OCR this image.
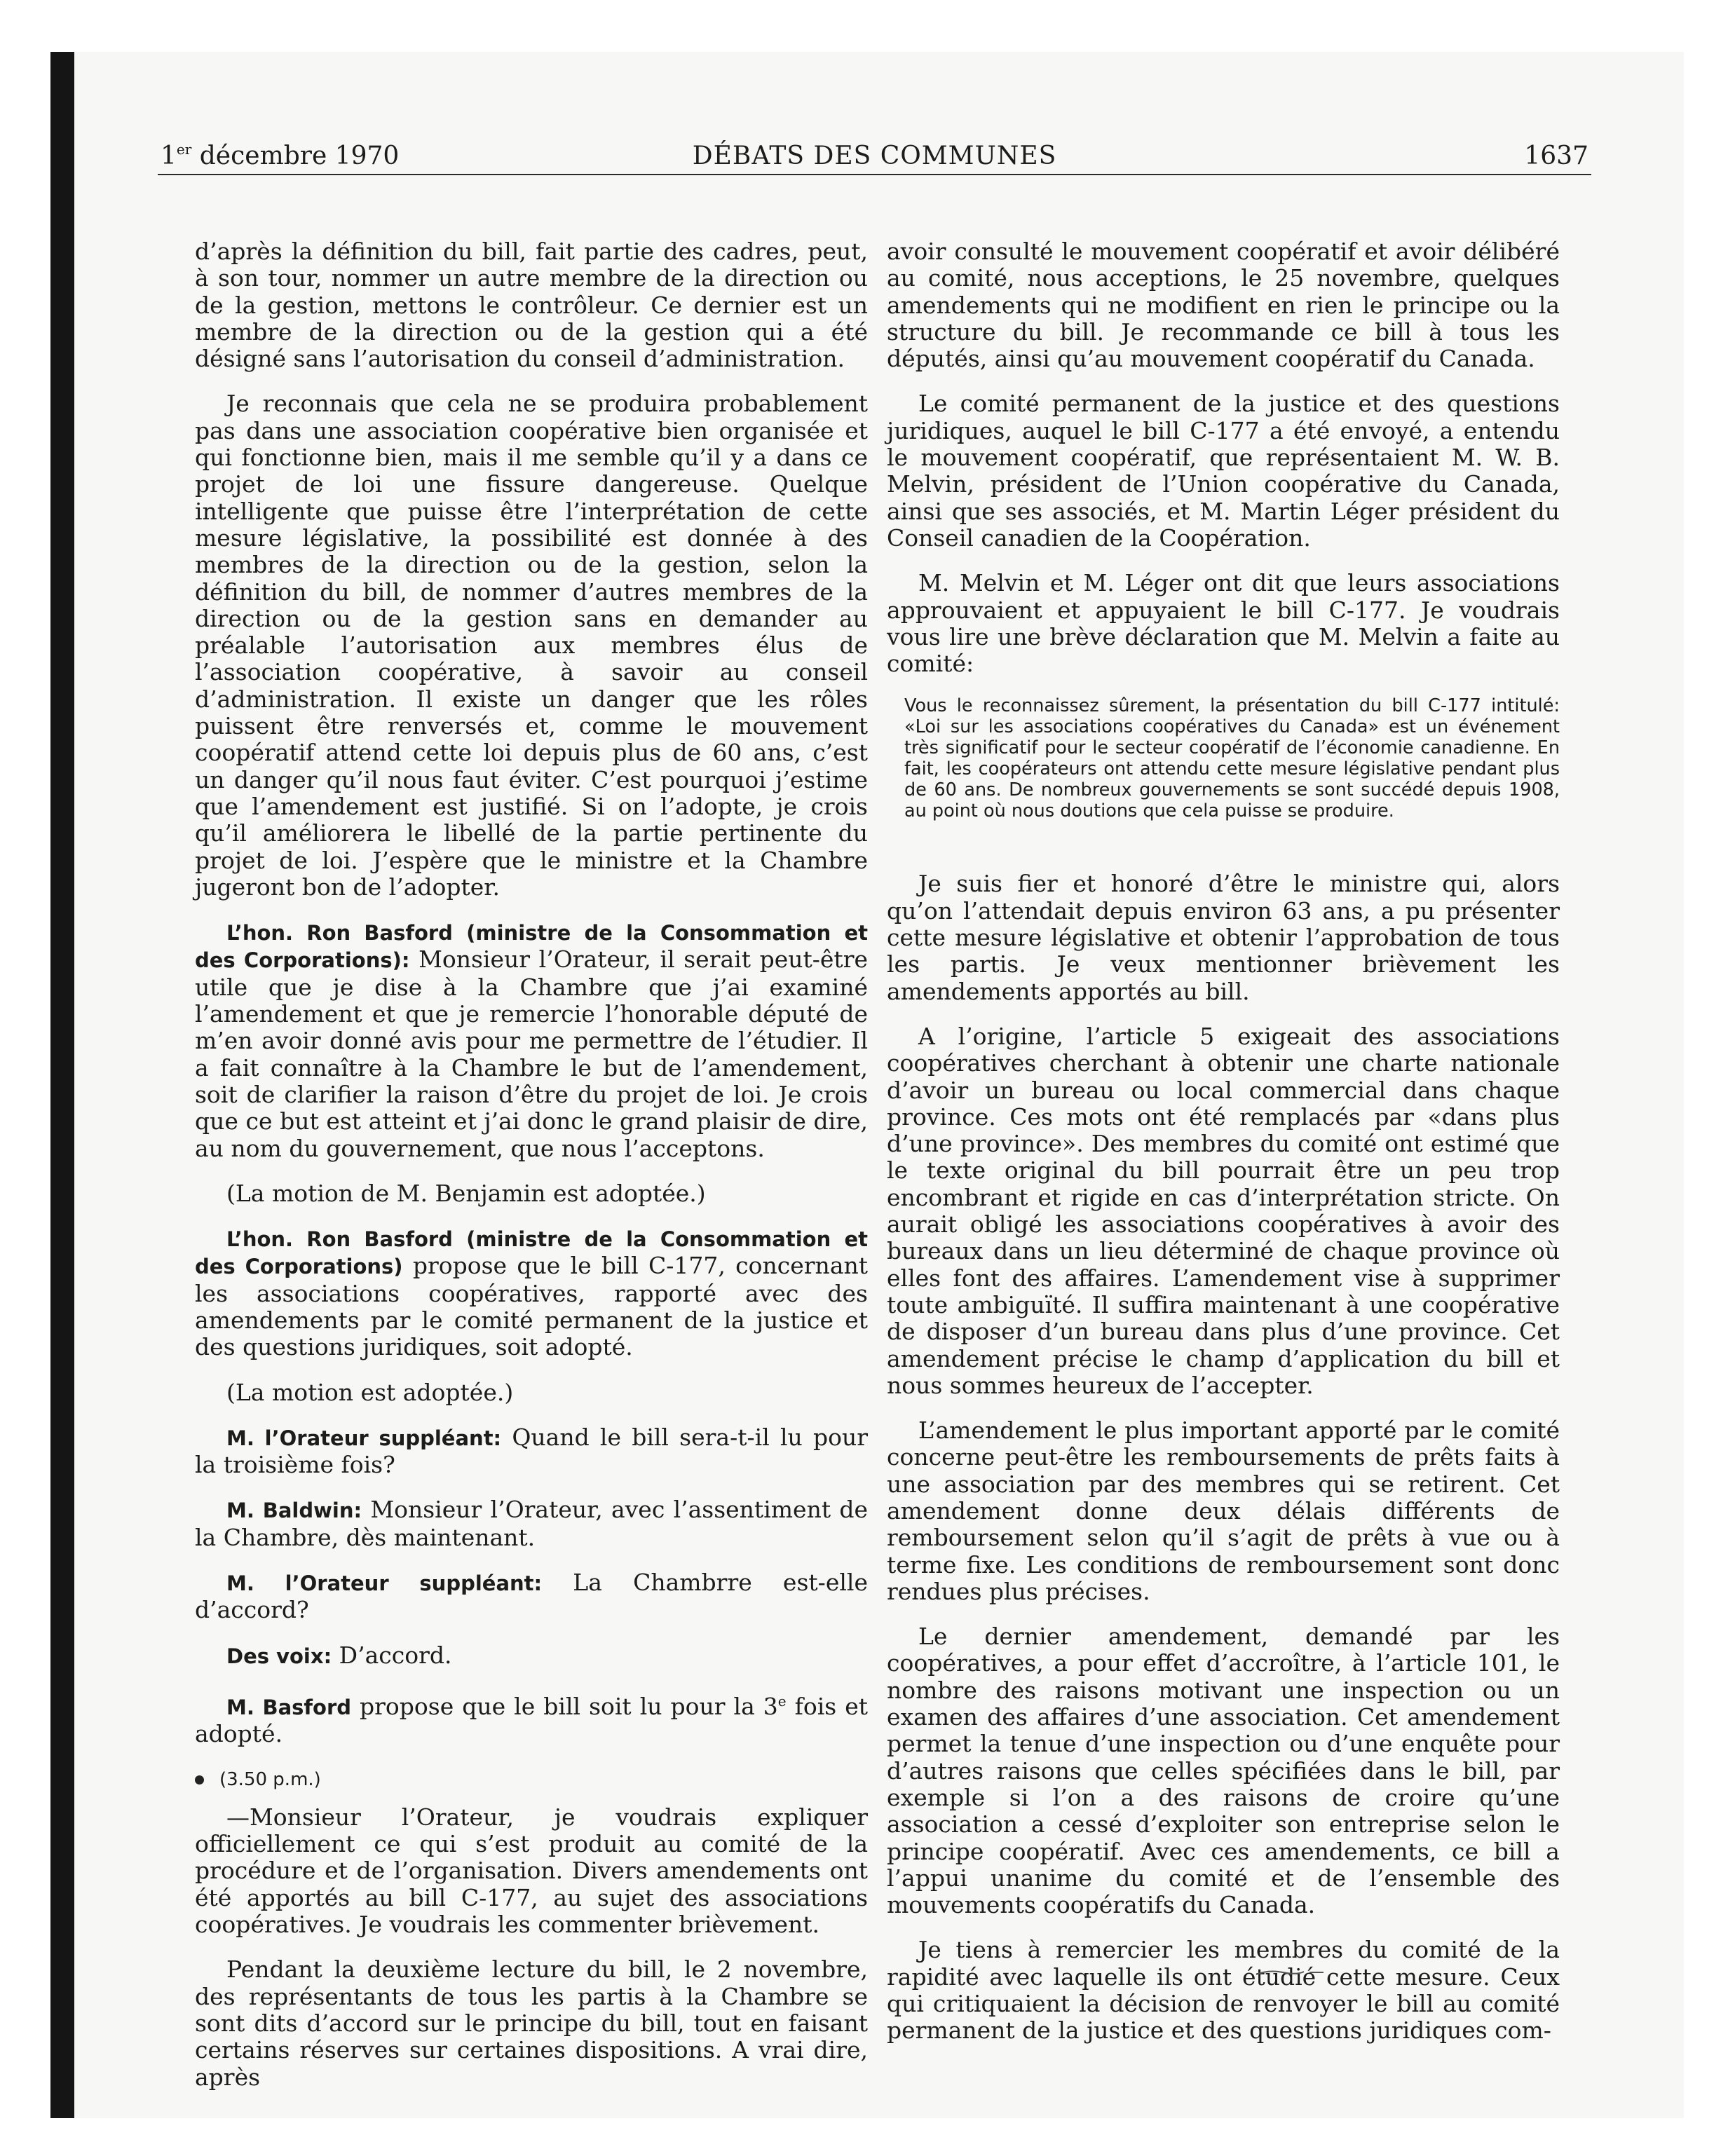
1er décembre 1970	DÉBATS DES COMMUNES	1637

d’après la définition du bill, fait partie des cadres, peut, à son tour, nommer un autre membre de la direction ou de la gestion, mettons le contrôleur. Ce dernier est un membre de la direction ou de la gestion qui a été désigné sans l’autorisation du conseil d’administration.

Je reconnais que cela ne se produira probablement pas dans une association coopérative bien organisée et qui fonctionne bien, mais il me semble qu’il y a dans ce projet de loi une fissure dangereuse. Quelque intelligente que puisse être l’interprétation de cette mesure législative, la possibilité est donnée à des membres de la direction ou de la gestion, selon la définition du bill, de nommer d’autres membres de la direction ou de la gestion sans en demander au préalable l’autorisation aux membres élus de l’association coopérative, à savoir au conseil d’administration. Il existe un danger que les rôles puissent être renversés et, comme le mouvement coopératif attend cette loi depuis plus de 60 ans, c’est un danger qu’il nous faut éviter. C’est pourquoi j’estime que l’amendement est justifié. Si on l’adopte, je crois qu’il améliorera le libellé de la partie pertinente du projet de loi. J’espère que le ministre et la Chambre jugeront bon de l’adopter.

L’hon. Ron Basford (ministre de la Consommation et des Corporations): Monsieur l’Orateur, il serait peut-être utile que je dise à la Chambre que j’ai examiné l’amendement et que je remercie l’honorable député de m’en avoir donné avis pour me permettre de l’étudier. Il a fait connaître à la Chambre le but de l’amendement, soit de clarifier la raison d’être du projet de loi. Je crois que ce but est atteint et j’ai donc le grand plaisir de dire, au nom du gouvernement, que nous l’acceptons.

(La motion de M. Benjamin est adoptée.)

L’hon. Ron Basford (ministre de la Consommation et des Corporations) propose que le bill C-177, concernant les associations coopératives, rapporté avec des amendements par le comité permanent de la justice et des questions juridiques, soit adopté.

(La motion est adoptée.)

M. l’Orateur suppléant: Quand le bill sera-t-il lu pour la troisième fois?

M. Baldwin: Monsieur l’Orateur, avec l’assentiment de la Chambre, dès maintenant.

M. l’Orateur suppléant: La Chambrre est-elle d’accord?

Des voix: D’accord.

M. Basford propose que le bill soit lu pour la 3e fois et adopté.

(3.50 p.m.)

—Monsieur l’Orateur, je voudrais expliquer officiellement ce qui s’est produit au comité de la procédure et de l’organisation. Divers amendements ont été apportés au bill C-177, au sujet des associations coopératives. Je voudrais les commenter brièvement.

Pendant la deuxième lecture du bill, le 2 novembre, des représentants de tous les partis à la Chambre se sont dits d’accord sur le principe du bill, tout en faisant certains réserves sur certaines dispositions. A vrai dire, après

avoir consulté le mouvement coopératif et avoir délibéré au comité, nous acceptions, le 25 novembre, quelques amendements qui ne modifient en rien le principe ou la structure du bill. Je recommande ce bill à tous les députés, ainsi qu’au mouvement coopératif du Canada.

Le comité permanent de la justice et des questions juridiques, auquel le bill C-177 a été envoyé, a entendu le mouvement coopératif, que représentaient M. W. B. Melvin, président de l’Union coopérative du Canada, ainsi que ses associés, et M. Martin Léger président du Conseil canadien de la Coopération.

M. Melvin et M. Léger ont dit que leurs associations approuvaient et appuyaient le bill C-177. Je voudrais vous lire une brève déclaration que M. Melvin a faite au comité:

Vous le reconnaissez sûrement, la présentation du bill C-177 intitulé: «Loi sur les associations coopératives du Canada» est un événement très significatif pour le secteur coopératif de l’économie canadienne. En fait, les coopérateurs ont attendu cette mesure législative pendant plus de 60 ans. De nombreux gouvernements se sont succédé depuis 1908, au point où nous doutions que cela puisse se produire.

Je suis fier et honoré d’être le ministre qui, alors qu’on l’attendait depuis environ 63 ans, a pu présenter cette mesure législative et obtenir l’approbation de tous les partis. Je veux mentionner brièvement les amendements apportés au bill.

A l’origine, l’article 5 exigeait des associations coopératives cherchant à obtenir une charte nationale d’avoir un bureau ou local commercial dans chaque province. Ces mots ont été remplacés par «dans plus d’une province». Des membres du comité ont estimé que le texte original du bill pourrait être un peu trop encombrant et rigide en cas d’interprétation stricte. On aurait obligé les associations coopératives à avoir des bureaux dans un lieu déterminé de chaque province où elles font des affaires. L’amendement vise à supprimer toute ambiguïté. Il suffira maintenant à une coopérative de disposer d’un bureau dans plus d’une province. Cet amendement précise le champ d’application du bill et nous sommes heureux de l’accepter.

L’amendement le plus important apporté par le comité concerne peut-être les remboursements de prêts faits à une association par des membres qui se retirent. Cet amendement donne deux délais différents de remboursement selon qu’il s’agit de prêts à vue ou à terme fixe. Les conditions de remboursement sont donc rendues plus précises.

Le dernier amendement, demandé par les coopératives, a pour effet d’accroître, à l’article 101, le nombre des raisons motivant une inspection ou un examen des affaires d’une association. Cet amendement permet la tenue d’une inspection ou d’une enquête pour d’autres raisons que celles spécifiées dans le bill, par exemple si l’on a des raisons de croire qu’une association a cessé d’exploiter son entreprise selon le principe coopératif. Avec ces amendements, ce bill a l’appui unanime du comité et de l’ensemble des mouvements coopératifs du Canada.

Je tiens à remercier les membres du comité de la rapidité avec laquelle ils ont étudié cette mesure. Ceux qui critiquaient la décision de renvoyer le bill au comité permanent de la justice et des questions juridiques com-
